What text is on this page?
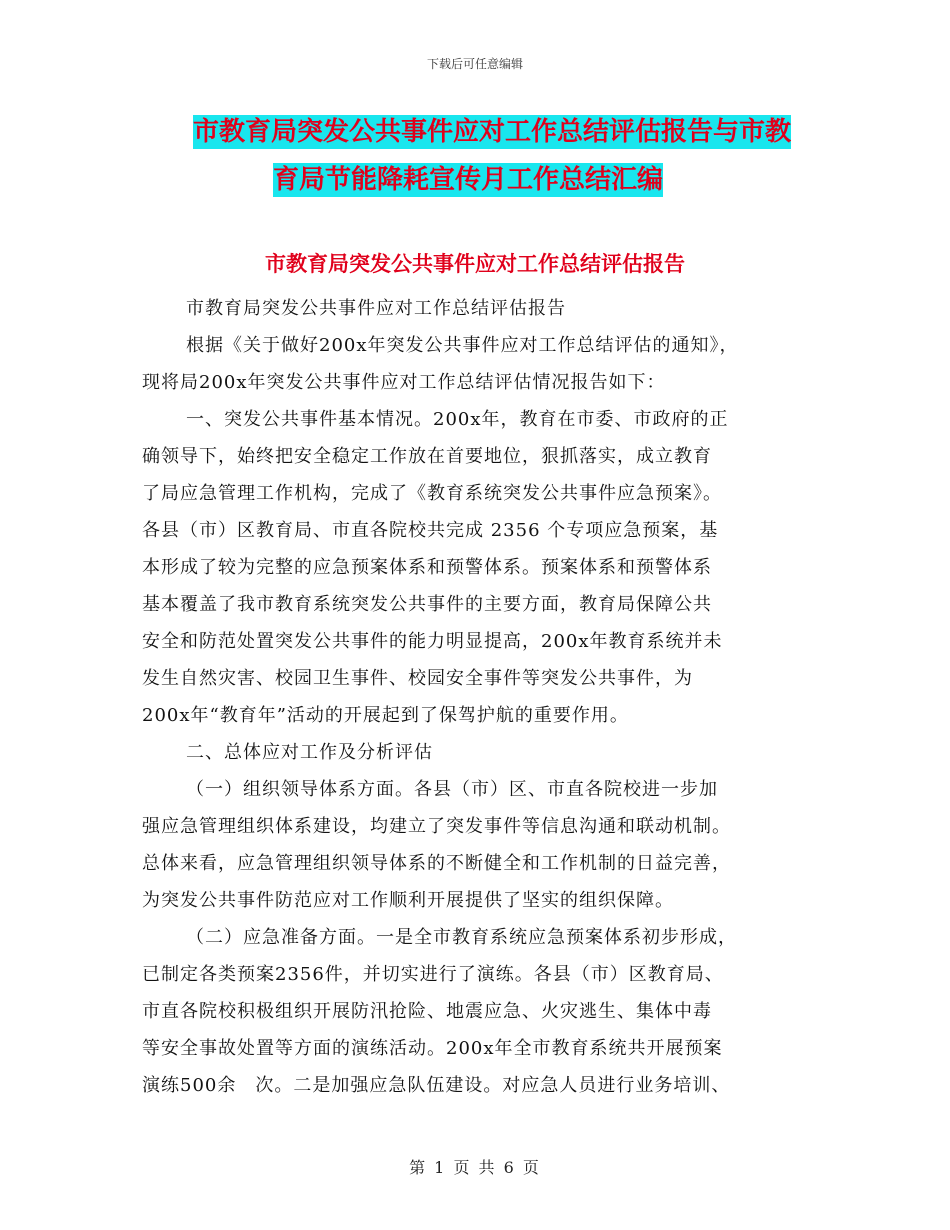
下载后可任意编辑
市教育局突发公共事件应对工作总结评估报告与市教
育局节能降耗宣传月工作总结汇编
市教育局突发公共事件应对工作总结评估报告
市教育局突发公共事件应对工作总结评估报告
根据《关于做好200x年突发公共事件应对工作总结评估的通知》，
现将局200x年突发公共事件应对工作总结评估情况报告如下：
一、突发公共事件基本情况。200x年，教育在市委、市政府的正
确领导下，始终把安全稳定工作放在首要地位，狠抓落实，成立教育
了局应急管理工作机构，完成了《教育系统突发公共事件应急预案》。
各县（市）区教育局、市直各院校共完成 2356 个专项应急预案，基
本形成了较为完整的应急预案体系和预警体系。预案体系和预警体系
基本覆盖了我市教育系统突发公共事件的主要方面，教育局保障公共
安全和防范处置突发公共事件的能力明显提高，200x年教育系统并未
发生自然灾害、校园卫生事件、校园安全事件等突发公共事件，为
200x年“教育年”活动的开展起到了保驾护航的重要作用。
二、总体应对工作及分析评估
（一）组织领导体系方面。各县（市）区、市直各院校进一步加
强应急管理组织体系建设，均建立了突发事件等信息沟通和联动机制。
总体来看，应急管理组织领导体系的不断健全和工作机制的日益完善，
为突发公共事件防范应对工作顺利开展提供了坚实的组织保障。
（二）应急准备方面。一是全市教育系统应急预案体系初步形成，
已制定各类预案2356件，并切实进行了演练。各县（市）区教育局、
市直各院校积极组织开展防汛抢险、地震应急、火灾逃生、集体中毒
等安全事故处置等方面的演练活动。200x年全市教育系统共开展预案
演练500余　次。二是加强应急队伍建设。对应急人员进行业务培训、
第 1 页 共 6 页
